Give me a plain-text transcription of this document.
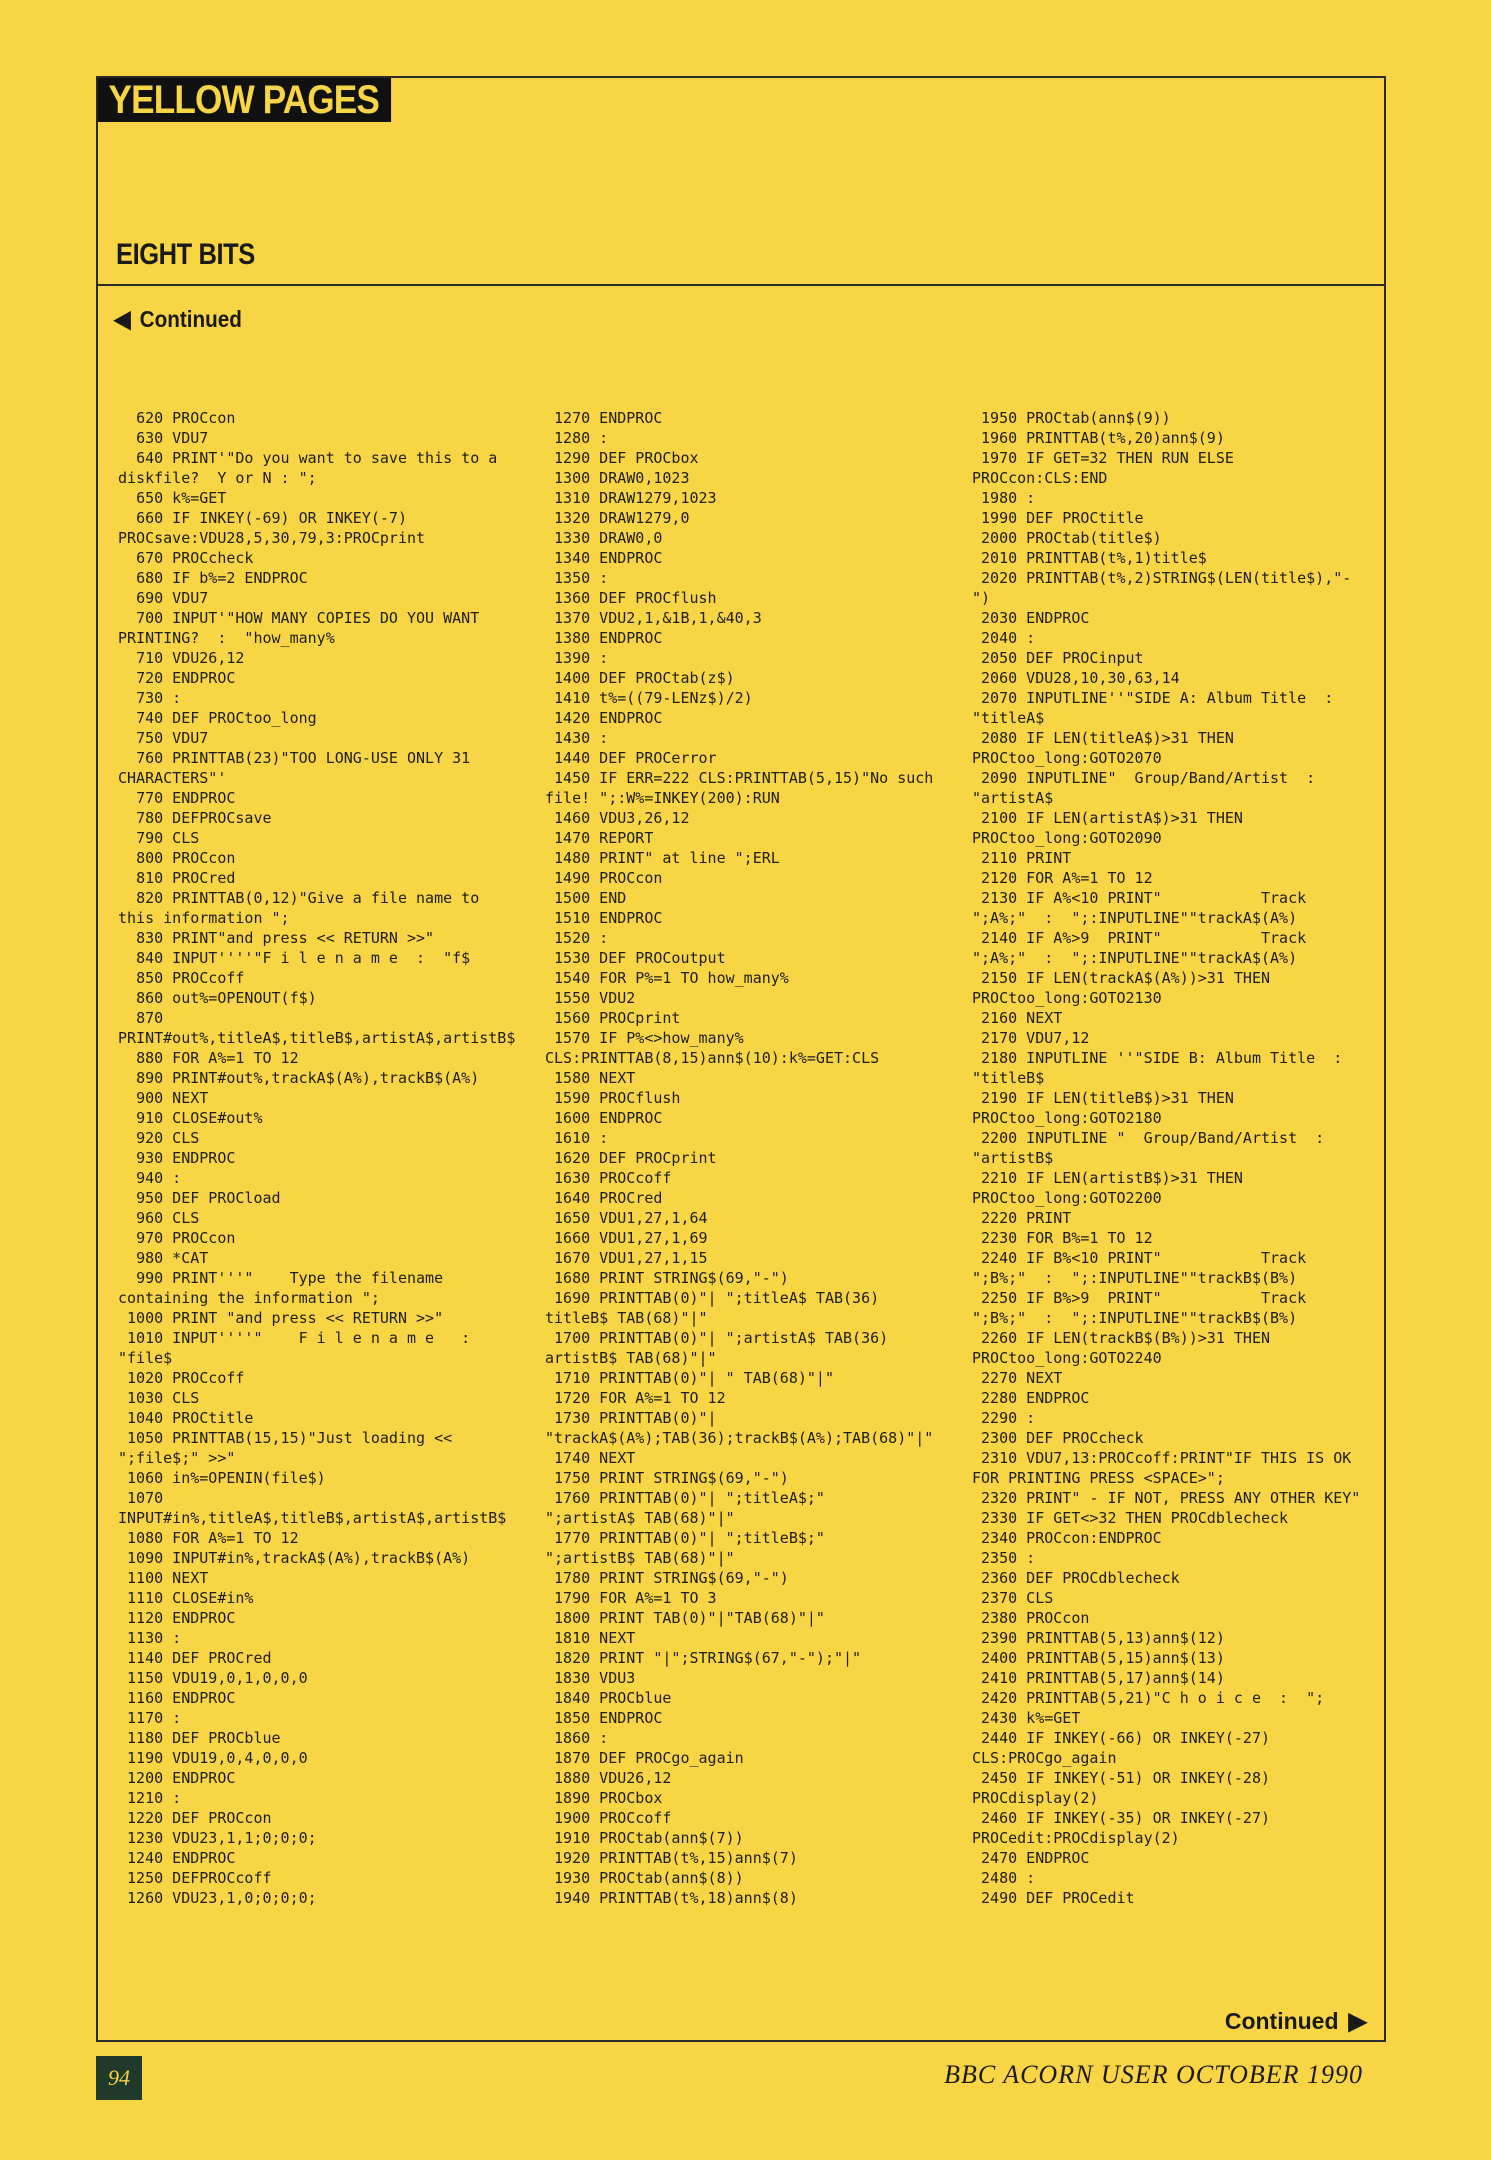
YELLOW PAGES
EIGHT BITS
◀ Continued
620 PROCcon
630 VDU7
640 PRINT'"Do you want to save this to a diskfile?  Y or N : ";
650 k%=GET
660 IF INKEY(-69) OR INKEY(-7) PROCsave:VDU28,5,30,79,3:PROCprint
670 PROCcheck
680 IF b%=2 ENDPROC
690 VDU7
700 INPUT'"HOW MANY COPIES DO YOU WANT PRINTING?  :  "how_many%
710 VDU26,12
720 ENDPROC
730 :
740 DEF PROCtoo_long
750 VDU7
760 PRINTTAB(23)"TOO LONG-USE ONLY 31 CHARACTERS"'
770 ENDPROC
780 DEFPROCsave
790 CLS
800 PROCcon
810 PROCred
820 PRINTTAB(0,12)"Give a file name to this information ";
830 PRINT"and press << RETURN >>"
840 INPUT''''"F i l e n a m e  :  "f$
850 PROCcoff
860 out%=OPENOUT(f$)
870 PRINT#out%,titleA$,titleB$,artistA$,artistB$
880 FOR A%=1 TO 12
890 PRINT#out%,trackA$(A%),trackB$(A%)
900 NEXT
910 CLOSE#out%
920 CLS
930 ENDPROC
940 :
950 DEF PROCload
960 CLS
970 PROCcon
980 *CAT
990 PRINT'''"    Type the filename containing the information ";
1000 PRINT "and press << RETURN >>"
1010 INPUT''''"    F i l e n a m e   :  "file$
1020 PROCcoff
1030 CLS
1040 PROCtitle
1050 PRINTTAB(15,15)"Just loading << ";file$;" >>"
1060 in%=OPENIN(file$)
1070 INPUT#in%,titleA$,titleB$,artistA$,artistB$
1080 FOR A%=1 TO 12
1090 INPUT#in%,trackA$(A%),trackB$(A%)
1100 NEXT
1110 CLOSE#in%
1120 ENDPROC
1130 :
1140 DEF PROCred
1150 VDU19,0,1,0,0,0
1160 ENDPROC
1170 :
1180 DEF PROCblue
1190 VDU19,0,4,0,0,0
1200 ENDPROC
1210 :
1220 DEF PROCcon
1230 VDU23,1,1;0;0;0;
1240 ENDPROC
1250 DEFPROCcoff
1260 VDU23,1,0;0;0;0;
1270 ENDPROC
1280 :
1290 DEF PROCbox
1300 DRAW0,1023
1310 DRAW1279,1023
1320 DRAW1279,0
1330 DRAW0,0
1340 ENDPROC
1350 :
1360 DEF PROCflush
1370 VDU2,1,&1B,1,&40,3
1380 ENDPROC
1390 :
1400 DEF PROCtab(z$)
1410 t%=((79-LENz$)/2)
1420 ENDPROC
1430 :
1440 DEF PROCerror
1450 IF ERR=222 CLS:PRINTTAB(5,15)"No such file! ";:W%=INKEY(200):RUN
1460 VDU3,26,12
1470 REPORT
1480 PRINT" at line ";ERL
1490 PROCcon
1500 END
1510 ENDPROC
1520 :
1530 DEF PROCoutput
1540 FOR P%=1 TO how_many%
1550 VDU2
1560 PROCprint
1570 IF P%<>how_many% CLS:PRINTTAB(8,15)ann$(10):k%=GET:CLS
1580 NEXT
1590 PROCflush
1600 ENDPROC
1610 :
1620 DEF PROCprint
1630 PROCcoff
1640 PROCred
1650 VDU1,27,1,64
1660 VDU1,27,1,69
1670 VDU1,27,1,15
1680 PRINT STRING$(69,"-")
1690 PRINTTAB(0)"| ";titleA$ TAB(36) titleB$ TAB(68)"|"
1700 PRINTTAB(0)"| ";artistA$ TAB(36) artistB$ TAB(68)"|"
1710 PRINTTAB(0)"| " TAB(68)"|"
1720 FOR A%=1 TO 12
1730 PRINTTAB(0)"| "trackA$(A%);TAB(36);trackB$(A%);TAB(68)"|"
1740 NEXT
1750 PRINT STRING$(69,"-")
1760 PRINTTAB(0)"| ";titleA$;"   ";artistA$ TAB(68)"|"
1770 PRINTTAB(0)"| ";titleB$;"   ";artistB$ TAB(68)"|"
1780 PRINT STRING$(69,"-")
1790 FOR A%=1 TO 3
1800 PRINT TAB(0)"|"TAB(68)"|"
1810 NEXT
1820 PRINT "|";STRING$(67,"-");"|"
1830 VDU3
1840 PROCblue
1850 ENDPROC
1860 :
1870 DEF PROCgo_again
1880 VDU26,12
1890 PROCbox
1900 PROCcoff
1910 PROCtab(ann$(7))
1920 PRINTTAB(t%,15)ann$(7)
1930 PROCtab(ann$(8))
1940 PRINTTAB(t%,18)ann$(8)
1950 PROCtab(ann$(9))
1960 PRINTTAB(t%,20)ann$(9)
1970 IF GET=32 THEN RUN ELSE PROCcon:CLS:END
1980 :
1990 DEF PROCtitle
2000 PROCtab(title$)
2010 PRINTTAB(t%,1)title$
2020 PRINTTAB(t%,2)STRING$(LEN(title$),"-")
2030 ENDPROC
2040 :
2050 DEF PROCinput
2060 VDU28,10,30,63,14
2070 INPUTLINE''"SIDE A: Album Title  :  "titleA$
2080 IF LEN(titleA$)>31 THEN PROCtoo_long:GOTO2070
2090 INPUTLINE"  Group/Band/Artist  :  "artistA$
2100 IF LEN(artistA$)>31 THEN PROCtoo_long:GOTO2090
2110 PRINT
2120 FOR A%=1 TO 12
2130 IF A%<10 PRINT"           Track  ";A%;"  :  ";:INPUTLINE""trackA$(A%)
2140 IF A%>9  PRINT"           Track ";A%;"  :  ";:INPUTLINE""trackA$(A%)
2150 IF LEN(trackA$(A%))>31 THEN PROCtoo_long:GOTO2130
2160 NEXT
2170 VDU7,12
2180 INPUTLINE ''"SIDE B: Album Title  :  "titleB$
2190 IF LEN(titleB$)>31 THEN PROCtoo_long:GOTO2180
2200 INPUTLINE "  Group/Band/Artist  :  "artistB$
2210 IF LEN(artistB$)>31 THEN PROCtoo_long:GOTO2200
2220 PRINT
2230 FOR B%=1 TO 12
2240 IF B%<10 PRINT"           Track  ";B%;"  :  ";:INPUTLINE""trackB$(B%)
2250 IF B%>9  PRINT"           Track ";B%;"  :  ";:INPUTLINE""trackB$(B%)
2260 IF LEN(trackB$(B%))>31 THEN PROCtoo_long:GOTO2240
2270 NEXT
2280 ENDPROC
2290 :
2300 DEF PROCcheck
2310 VDU7,13:PROCcoff:PRINT"IF THIS IS OK FOR PRINTING PRESS <SPACE>";
2320 PRINT" - IF NOT, PRESS ANY OTHER KEY"
2330 IF GET<>32 THEN PROCdblecheck
2340 PROCcon:ENDPROC
2350 :
2360 DEF PROCdblecheck
2370 CLS
2380 PROCcon
2390 PRINTTAB(5,13)ann$(12)
2400 PRINTTAB(5,15)ann$(13)
2410 PRINTTAB(5,17)ann$(14)
2420 PRINTTAB(5,21)"C h o i c e  :  ";
2430 k%=GET
2440 IF INKEY(-66) OR INKEY(-27) CLS:PROCgo_again
2450 IF INKEY(-51) OR INKEY(-28) PROCdisplay(2)
2460 IF INKEY(-35) OR INKEY(-27) PROCedit:PROCdisplay(2)
2470 ENDPROC
2480 :
2490 DEF PROCedit
Continued ▶
94	BBC ACORN USER OCTOBER 1990
